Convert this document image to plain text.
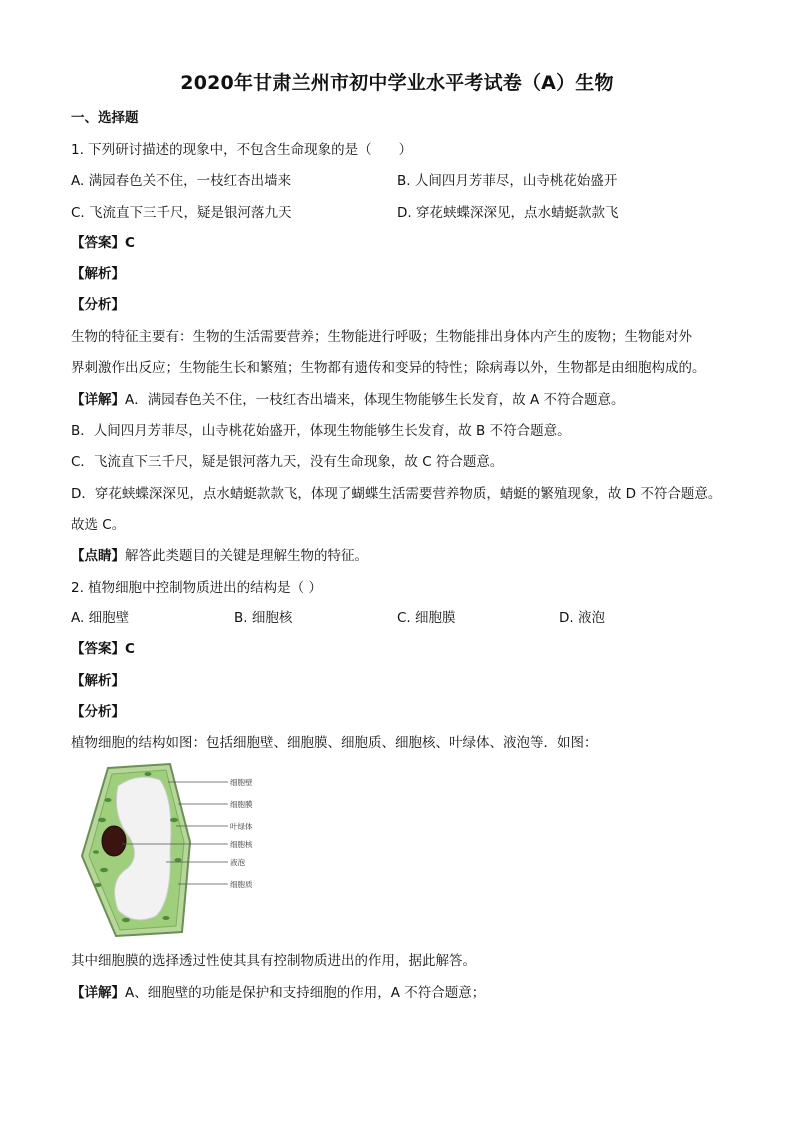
2020年甘肃兰州市初中学业水平考试卷（A）生物
一、选择题
1. 下列研讨描述的现象中，不包含生命现象的是（　　）
A. 满园春色关不住，一枝红杏出墙来	B. 人间四月芳菲尽，山寺桃花始盛开
C. 飞流直下三千尺，疑是银河落九天	D. 穿花蛱蝶深深见，点水蜻蜓款款飞
【答案】C
【解析】
【分析】
生物的特征主要有：生物的生活需要营养；生物能进行呼吸；生物能排出身体内产生的废物；生物能对外
界刺激作出反应；生物能生长和繁殖；生物都有遗传和变异的特性；除病毒以外，生物都是由细胞构成的。
【详解】A．满园春色关不住，一枝红杏出墙来，体现生物能够生长发育，故 A 不符合题意。
B．人间四月芳菲尽，山寺桃花始盛开，体现生物能够生长发育，故 B 不符合题意。
C．飞流直下三千尺，疑是银河落九天，没有生命现象，故 C 符合题意。
D．穿花蛱蝶深深见，点水蜻蜓款款飞，体现了蝴蝶生活需要营养物质，蜻蜓的繁殖现象，故 D 不符合题意。
故选 C。
【点睛】解答此类题目的关键是理解生物的特征。
2. 植物细胞中控制物质进出的结构是（ ）
A. 细胞壁	B. 细胞核	C. 细胞膜	D. 液泡
【答案】C
【解析】
【分析】
植物细胞的结构如图：包括细胞壁、细胞膜、细胞质、细胞核、叶绿体、液泡等．如图：
细胞壁
细胞膜
叶绿体
细胞核
液泡
细胞质
其中细胞膜的选择透过性使其具有控制物质进出的作用，据此解答。
【详解】A、细胞壁的功能是保护和支持细胞的作用，A 不符合题意；
